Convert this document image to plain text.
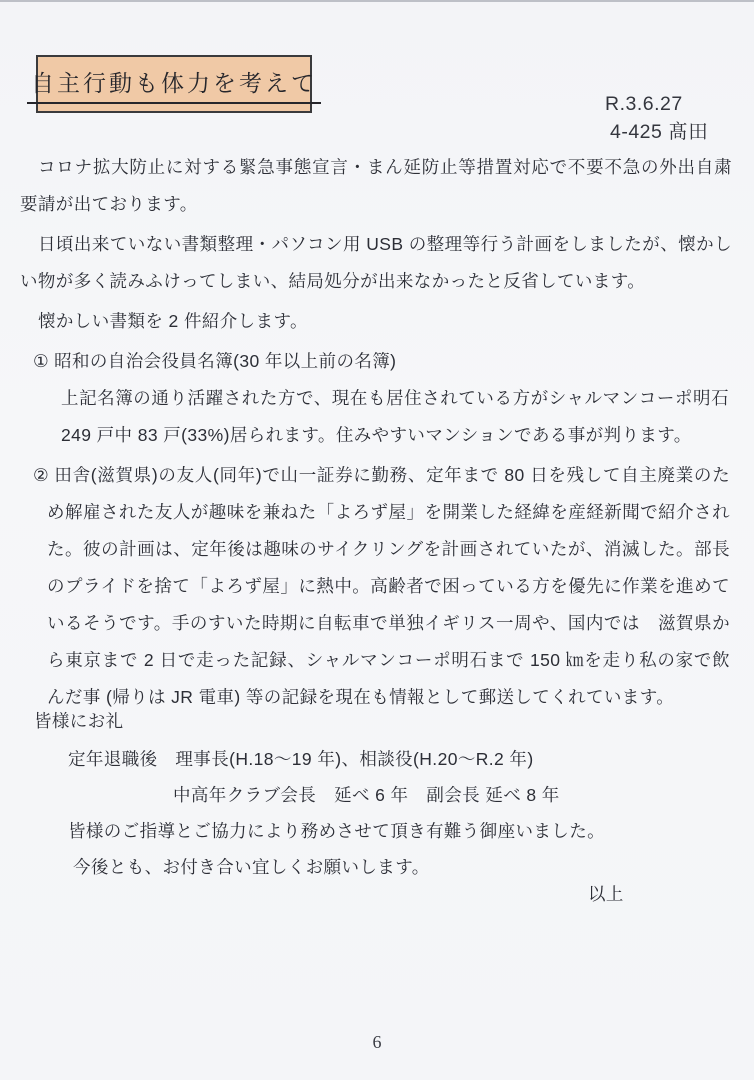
自主行動も体力を考えて
R.3.6.27
4-425 髙田

コロナ拡大防止に対する緊急事態宣言・まん延防止等措置対応で不要不急の外出自粛要請が出ております。

日頃出来ていない書類整理・パソコン用 USB の整理等行う計画をしましたが、懐かしい物が多く読みふけってしまい、結局処分が出来なかったと反省しています。

懐かしい書類を 2 件紹介します。

① 昭和の自治会役員名簿(30 年以上前の名簿)
上記名簿の通り活躍された方で、現在も居住されている方がシャルマンコーポ明石 249 戸中 83 戸(33%)居られます。住みやすいマンションである事が判ります。
② 田舎(滋賀県)の友人(同年)で山一証券に勤務、定年まで 80 日を残して自主廃業のため解雇された友人が趣味を兼ねた「よろず屋」を開業した経緯を産経新聞で紹介された。彼の計画は、定年後は趣味のサイクリングを計画されていたが、消滅した。部長のプライドを捨て「よろず屋」に熱中。高齢者で困っている方を優先に作業を進めているそうです。手のすいた時期に自転車で単独イギリス一周や、国内では　滋賀県から東京まで 2 日で走った記録、シャルマンコーポ明石まで 150 ㎞を走り私の家で飲んだ事 (帰りは JR 電車) 等の記録を現在も情報として郵送してくれています。
皆様にお礼
定年退職後　理事長(H.18～19 年)、相談役(H.20～R.2 年)
中高年クラブ会長　延べ 6 年　副会長 延べ 8 年
皆様のご指導とご協力により務めさせて頂き有難う御座いました。
今後とも、お付き合い宜しくお願いします。
以上
6
